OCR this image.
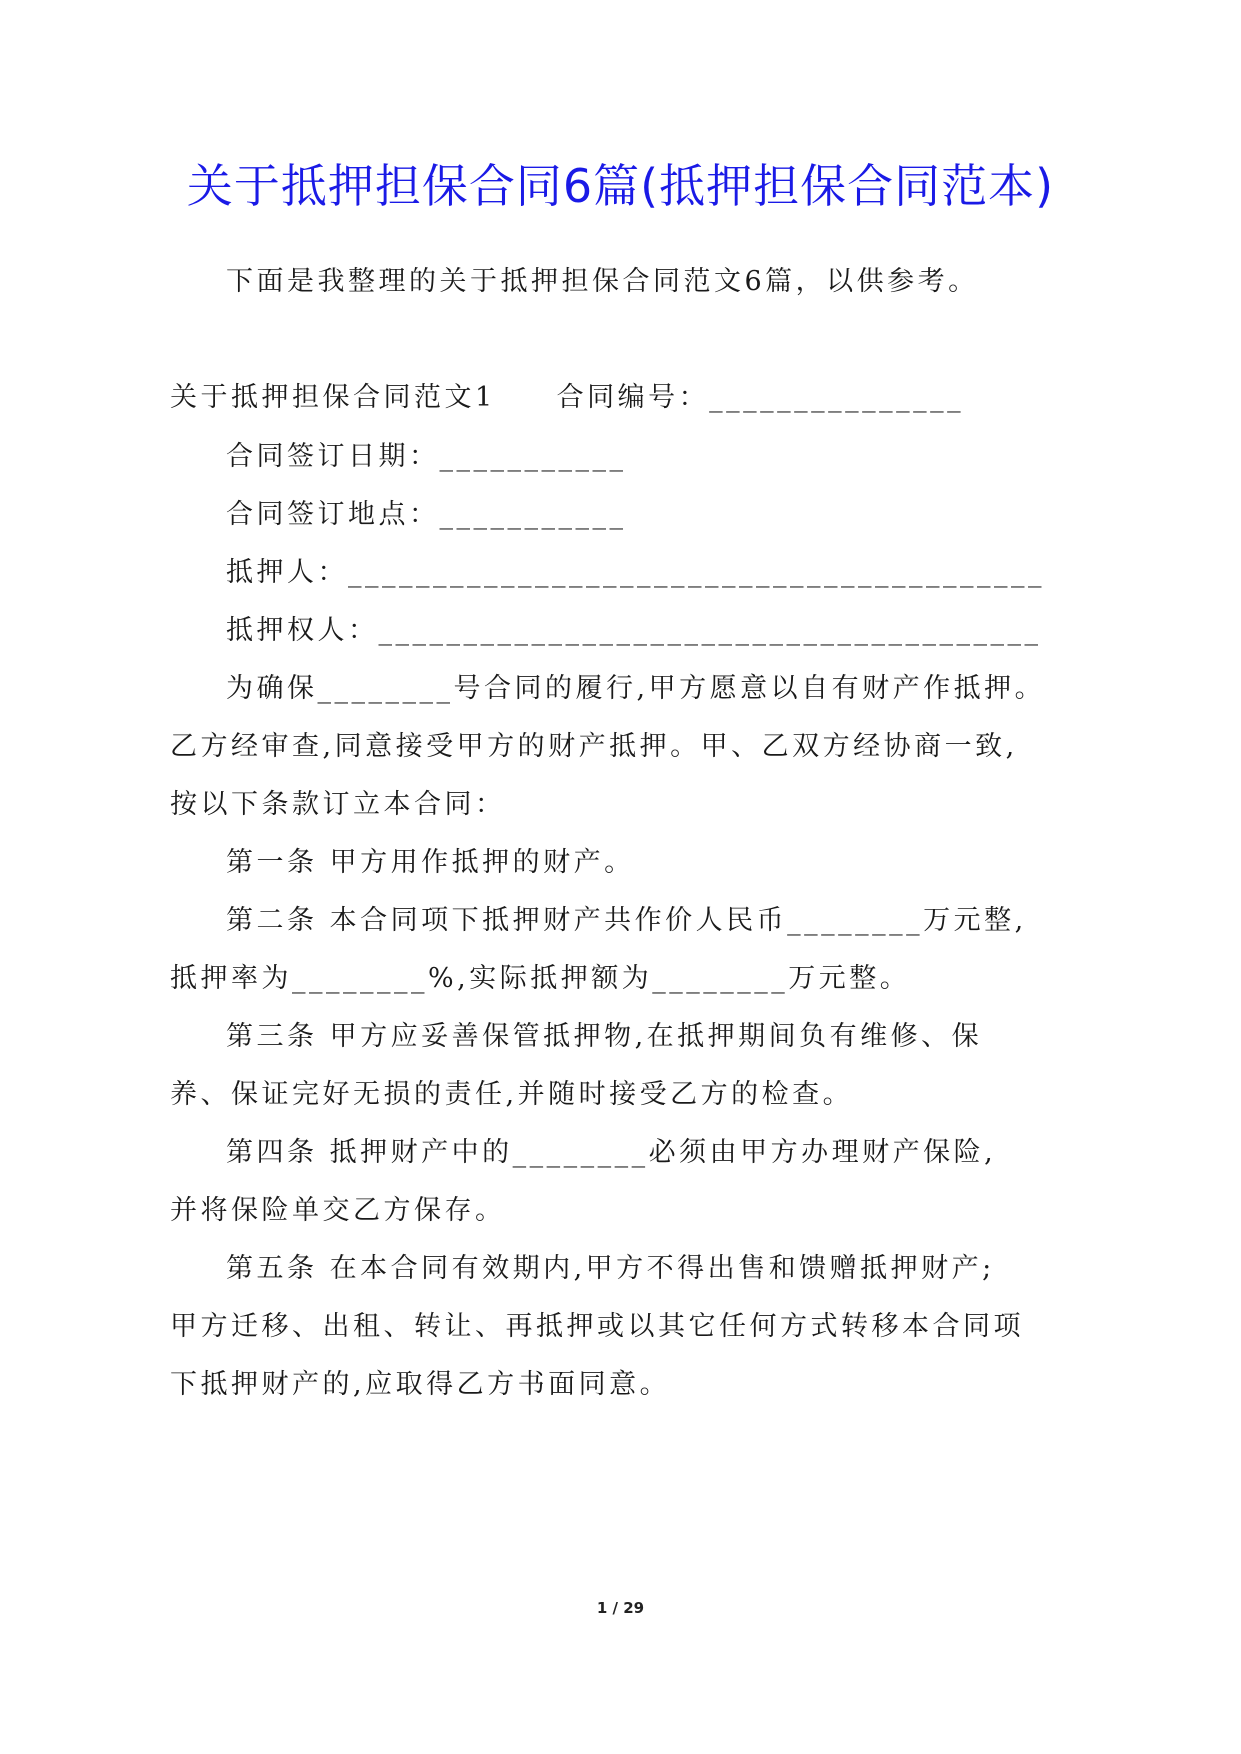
关于抵押担保合同6篇(抵押担保合同范本)
下面是我整理的关于抵押担保合同范文6篇，以供参考。
关于抵押担保合同范文1　　合同编号：_______________
合同签订日期：___________
合同签订地点：___________
抵押人：_________________________________________
抵押权人：_______________________________________
为确保________号合同的履行,甲方愿意以自有财产作抵押。
乙方经审查,同意接受甲方的财产抵押。甲、乙双方经协商一致,
按以下条款订立本合同：
第一条 甲方用作抵押的财产。
第二条 本合同项下抵押财产共作价人民币________万元整,
抵押率为________%,实际抵押额为________万元整。
第三条 甲方应妥善保管抵押物,在抵押期间负有维修、保
养、保证完好无损的责任,并随时接受乙方的检查。
第四条 抵押财产中的________必须由甲方办理财产保险,
并将保险单交乙方保存。
第五条 在本合同有效期内,甲方不得出售和馈赠抵押财产;
甲方迁移、出租、转让、再抵押或以其它任何方式转移本合同项
下抵押财产的,应取得乙方书面同意。
1 / 29
